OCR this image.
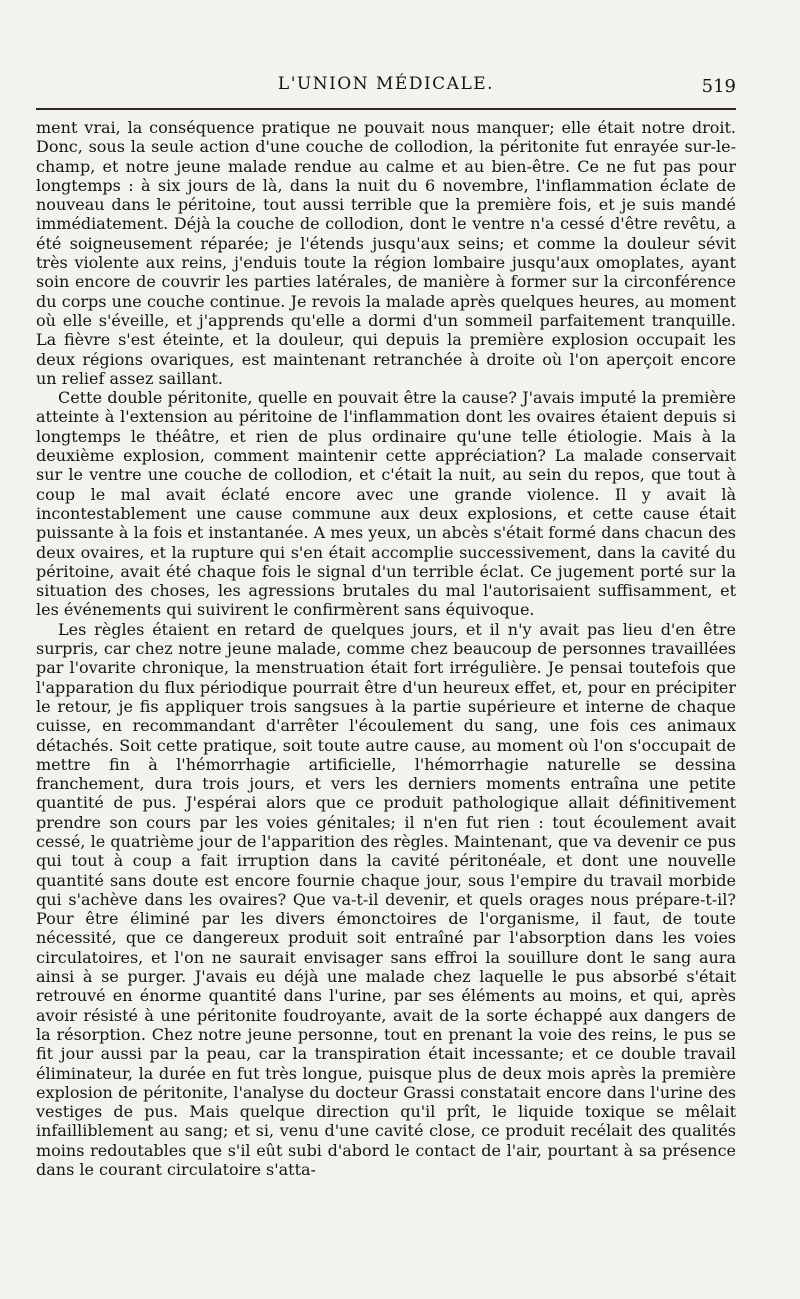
L'UNION MÉDICALE.	519

ment vrai, la conséquence pratique ne pouvait nous manquer; elle était notre droit. Donc, sous la seule action d'une couche de collodion, la péritonite fut enrayée sur-le-champ, et notre jeune malade rendue au calme et au bien-être. Ce ne fut pas pour longtemps : à six jours de là, dans la nuit du 6 novembre, l'inflammation éclate de nouveau dans le péritoine, tout aussi terrible que la première fois, et je suis mandé immédiatement. Déjà la couche de collodion, dont le ventre n'a cessé d'être revêtu, a été soigneusement réparée; je l'étends jusqu'aux seins; et comme la douleur sévit très violente aux reins, j'enduis toute la région lombaire jusqu'aux omoplates, ayant soin encore de couvrir les parties latérales, de manière à former sur la circonférence du corps une couche continue. Je revois la malade après quelques heures, au moment où elle s'éveille, et j'apprends qu'elle a dormi d'un sommeil parfaitement tranquille. La fièvre s'est éteinte, et la douleur, qui depuis la première explosion occupait les deux régions ovariques, est maintenant retranchée à droite où l'on aperçoit encore un relief assez saillant.

Cette double péritonite, quelle en pouvait être la cause? J'avais imputé la première atteinte à l'extension au péritoine de l'inflammation dont les ovaires étaient depuis si longtemps le théâtre, et rien de plus ordinaire qu'une telle étiologie. Mais à la deuxième explosion, comment maintenir cette appréciation? La malade conservait sur le ventre une couche de collodion, et c'était la nuit, au sein du repos, que tout à coup le mal avait éclaté encore avec une grande violence. Il y avait là incontestablement une cause commune aux deux explosions, et cette cause était puissante à la fois et instantanée. A mes yeux, un abcès s'était formé dans chacun des deux ovaires, et la rupture qui s'en était accomplie successivement, dans la cavité du péritoine, avait été chaque fois le signal d'un terrible éclat. Ce jugement porté sur la situation des choses, les agressions brutales du mal l'autorisaient suffisamment, et les événements qui suivirent le confirmèrent sans équivoque.

Les règles étaient en retard de quelques jours, et il n'y avait pas lieu d'en être surpris, car chez notre jeune malade, comme chez beaucoup de personnes travaillées par l'ovarite chronique, la menstruation était fort irrégulière. Je pensai toutefois que l'apparation du flux périodique pourrait être d'un heureux effet, et, pour en précipiter le retour, je fis appliquer trois sangsues à la partie supérieure et interne de chaque cuisse, en recommandant d'arrêter l'écoulement du sang, une fois ces animaux détachés. Soit cette pratique, soit toute autre cause, au moment où l'on s'occupait de mettre fin à l'hémorrhagie artificielle, l'hémorrhagie naturelle se dessina franchement, dura trois jours, et vers les derniers moments entraîna une petite quantité de pus. J'espérai alors que ce produit pathologique allait définitivement prendre son cours par les voies génitales; il n'en fut rien : tout écoulement avait cessé, le quatrième jour de l'apparition des règles. Maintenant, que va devenir ce pus qui tout à coup a fait irruption dans la cavité péritonéale, et dont une nouvelle quantité sans doute est encore fournie chaque jour, sous l'empire du travail morbide qui s'achève dans les ovaires? Que va-t-il devenir, et quels orages nous prépare-t-il? Pour être éliminé par les divers émonctoires de l'organisme, il faut, de toute nécessité, que ce dangereux produit soit entraîné par l'absorption dans les voies circulatoires, et l'on ne saurait envisager sans effroi la souillure dont le sang aura ainsi à se purger. J'avais eu déjà une malade chez laquelle le pus absorbé s'était retrouvé en énorme quantité dans l'urine, par ses éléments au moins, et qui, après avoir résisté à une péritonite foudroyante, avait de la sorte échappé aux dangers de la résorption. Chez notre jeune personne, tout en prenant la voie des reins, le pus se fit jour aussi par la peau, car la transpiration était incessante; et ce double travail éliminateur, la durée en fut très longue, puisque plus de deux mois après la première explosion de péritonite, l'analyse du docteur Grassi constatait encore dans l'urine des vestiges de pus. Mais quelque direction qu'il prît, le liquide toxique se mêlait infailliblement au sang; et si, venu d'une cavité close, ce produit recélait des qualités moins redoutables que s'il eût subi d'abord le contact de l'air, pourtant à sa présence dans le courant circulatoire s'atta-
